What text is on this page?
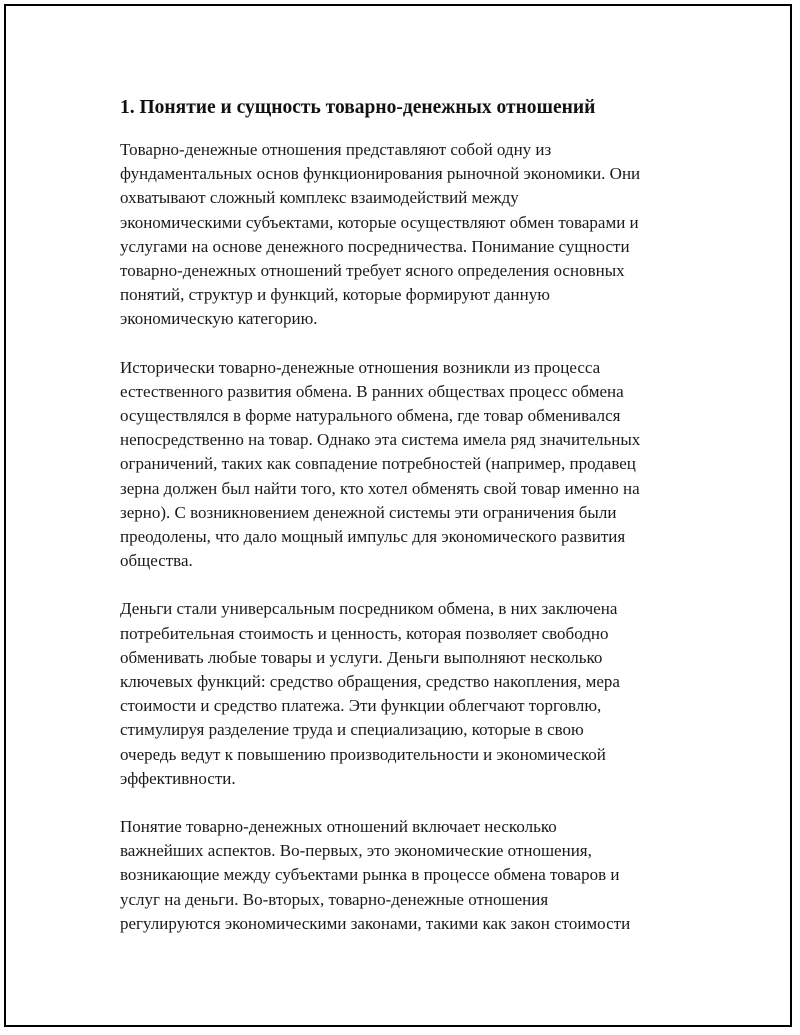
1. Понятие и сущность товарно-денежных отношений
Товарно-денежные отношения представляют собой одну из
фундаментальных основ функционирования рыночной экономики. Они
охватывают сложный комплекс взаимодействий между
экономическими субъектами, которые осуществляют обмен товарами и
услугами на основе денежного посредничества. Понимание сущности
товарно-денежных отношений требует ясного определения основных
понятий, структур и функций, которые формируют данную
экономическую категорию.
Исторически товарно-денежные отношения возникли из процесса
естественного развития обмена. В ранних обществах процесс обмена
осуществлялся в форме натурального обмена, где товар обменивался
непосредственно на товар. Однако эта система имела ряд значительных
ограничений, таких как совпадение потребностей (например, продавец
зерна должен был найти того, кто хотел обменять свой товар именно на
зерно). С возникновением денежной системы эти ограничения были
преодолены, что дало мощный импульс для экономического развития
общества.
Деньги стали универсальным посредником обмена, в них заключена
потребительная стоимость и ценность, которая позволяет свободно
обменивать любые товары и услуги. Деньги выполняют несколько
ключевых функций: средство обращения, средство накопления, мера
стоимости и средство платежа. Эти функции облегчают торговлю,
стимулируя разделение труда и специализацию, которые в свою
очередь ведут к повышению производительности и экономической
эффективности.
Понятие товарно-денежных отношений включает несколько
важнейших аспектов. Во-первых, это экономические отношения,
возникающие между субъектами рынка в процессе обмена товаров и
услуг на деньги. Во-вторых, товарно-денежные отношения
регулируются экономическими законами, такими как закон стоимости
